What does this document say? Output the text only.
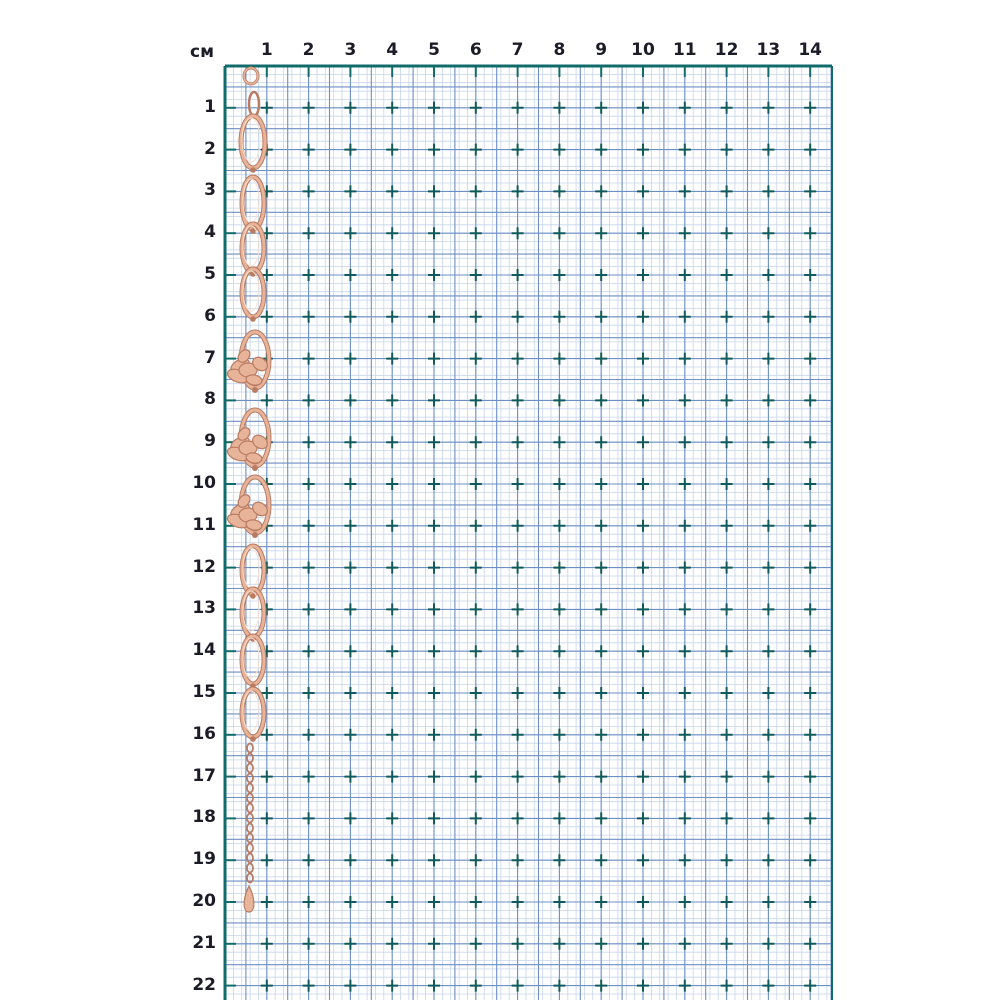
см	1	2	3	4	5	6	7	8	9	10 11 12 13 14
1
2
3
4
5
6
7
8
9
10
11
12
13
14
15
16
17
18
19
20
21
22
